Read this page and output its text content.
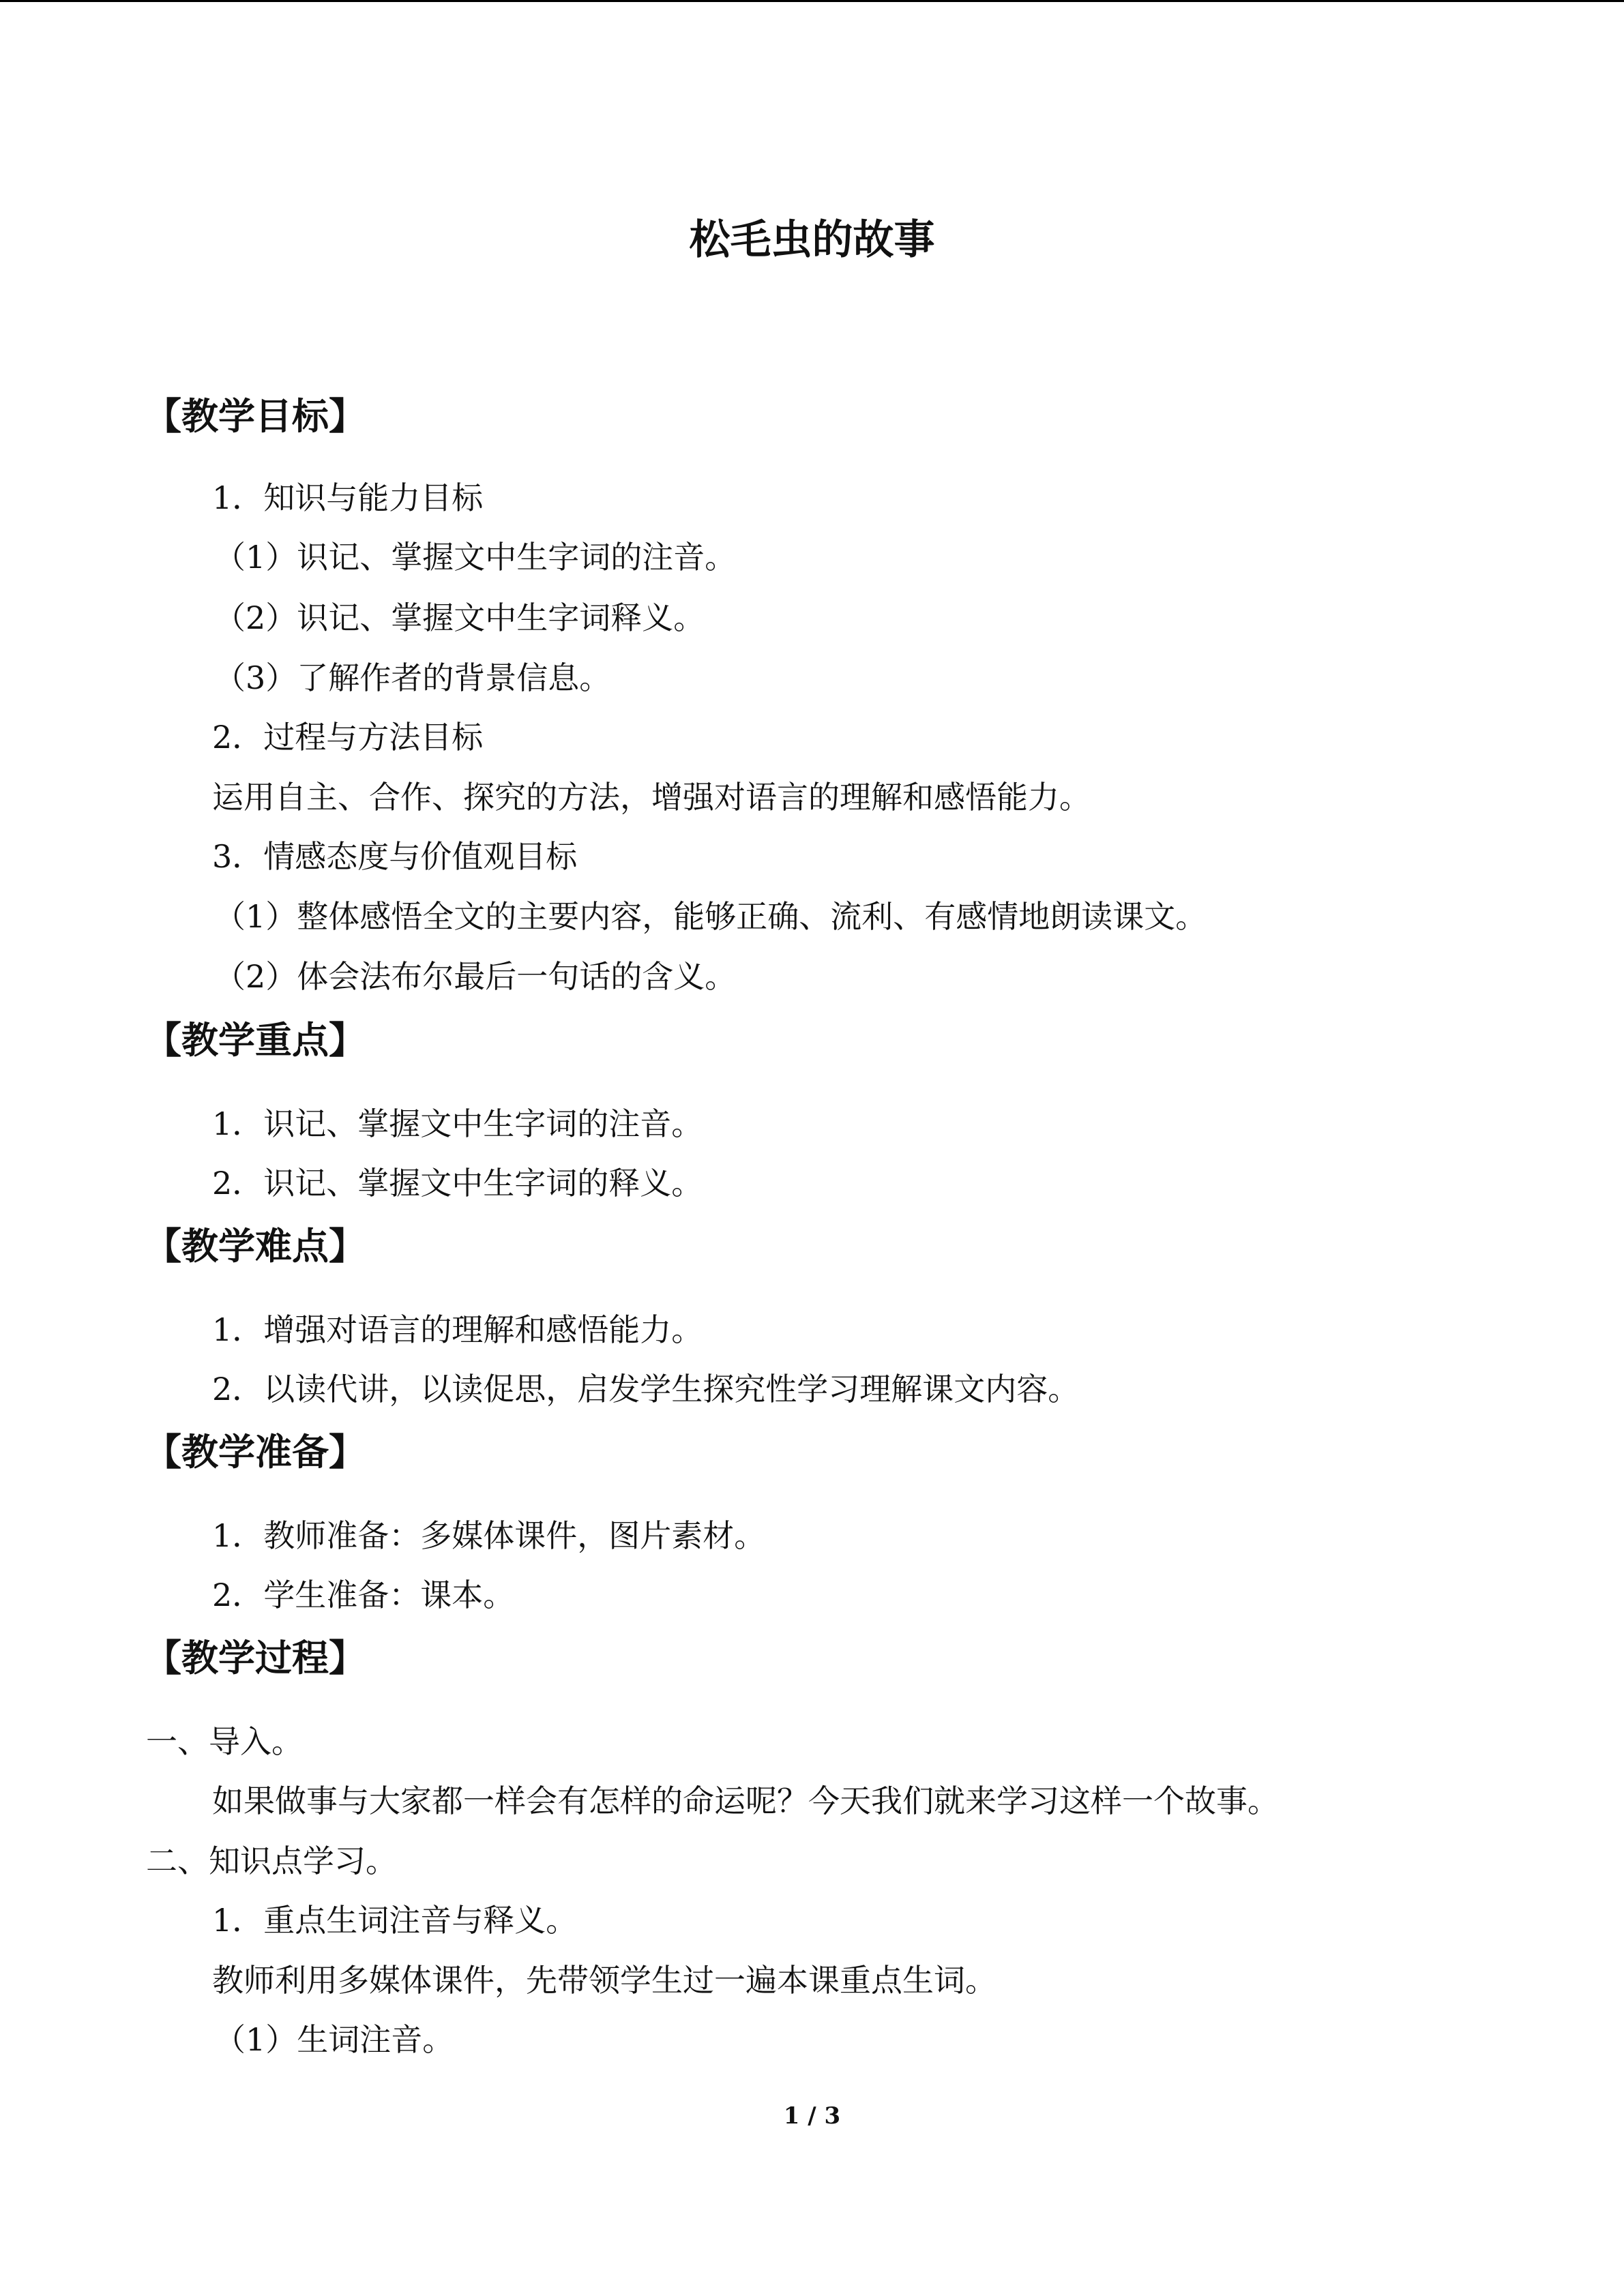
松毛虫的故事
【教学目标】
1．知识与能力目标
（1）识记、掌握文中生字词的注音。
（2）识记、掌握文中生字词释义。
（3）了解作者的背景信息。
2．过程与方法目标
运用自主、合作、探究的方法，增强对语言的理解和感悟能力。
3．情感态度与价值观目标
（1）整体感悟全文的主要内容，能够正确、流利、有感情地朗读课文。
（2）体会法布尔最后一句话的含义。
【教学重点】
1．识记、掌握文中生字词的注音。
2．识记、掌握文中生字词的释义。
【教学难点】
1．增强对语言的理解和感悟能力。
2．以读代讲，以读促思，启发学生探究性学习理解课文内容。
【教学准备】
1．教师准备：多媒体课件，图片素材。
2．学生准备：课本。
【教学过程】
一、导入。
如果做事与大家都一样会有怎样的命运呢？今天我们就来学习这样一个故事。
二、知识点学习。
1．重点生词注音与释义。
教师利用多媒体课件，先带领学生过一遍本课重点生词。
（1）生词注音。
1 / 3
